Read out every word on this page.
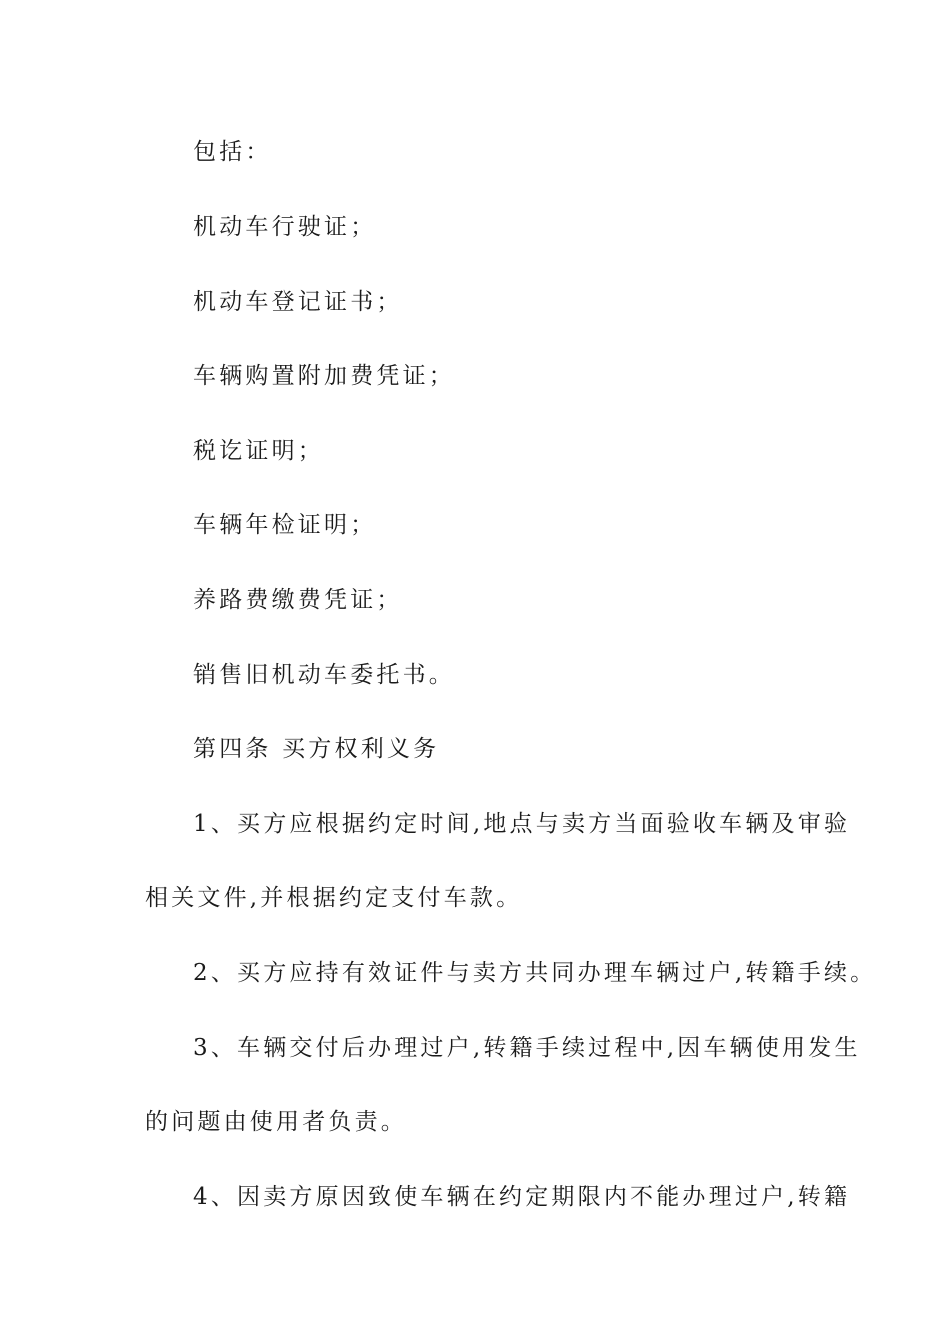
包括：
机动车行驶证；
机动车登记证书；
车辆购置附加费凭证；
税讫证明；
车辆年检证明；
养路费缴费凭证；
销售旧机动车委托书。
第四条 买方权利义务
1、买方应根据约定时间,地点与卖方当面验收车辆及审验
相关文件,并根据约定支付车款。
2、买方应持有效证件与卖方共同办理车辆过户,转籍手续。
3、车辆交付后办理过户,转籍手续过程中,因车辆使用发生
的问题由使用者负责。
4、因卖方原因致使车辆在约定期限内不能办理过户,转籍
